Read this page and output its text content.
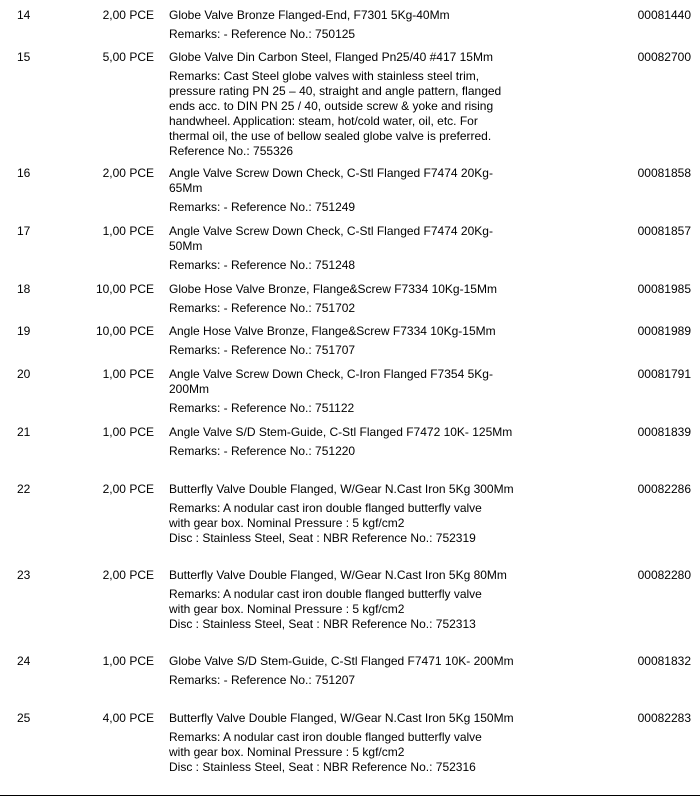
14	2,00 PCE Globe Valve Bronze Flanged-End, F7301 5Kg-40Mm
Remarks: - Reference No.: 750125
00081440
15	5,00 PCE Globe Valve Din Carbon Steel, Flanged Pn25/40 #417 15Mm
Remarks: Cast Steel globe valves with stainless steel trim,
pressure rating PN 25 – 40, straight and angle pattern, flanged
ends acc. to DIN PN 25 / 40, outside screw & yoke and rising
handwheel. Application: steam, hot/cold water, oil, etc. For
thermal oil, the use of bellow sealed globe valve is preferred.
Reference No.: 755326
00082700
16	2,00 PCE Angle Valve Screw Down Check, C-Stl Flanged F7474 20Kg- 65Mm
Remarks: - Reference No.: 751249
00081858
17	1,00 PCE Angle Valve Screw Down Check, C-Stl Flanged F7474 20Kg- 50Mm
Remarks: - Reference No.: 751248
00081857
18	10,00 PCE Globe Hose Valve Bronze, Flange&Screw F7334 10Kg-15Mm
Remarks: - Reference No.: 751702
00081985
19	10,00 PCE Angle Hose Valve Bronze, Flange&Screw F7334 10Kg-15Mm
Remarks: - Reference No.: 751707
00081989
20	1,00 PCE Angle Valve Screw Down Check, C-Iron Flanged F7354 5Kg- 200Mm
Remarks: - Reference No.: 751122
00081791
21	1,00 PCE Angle Valve S/D Stem-Guide, C-Stl Flanged F7472 10K- 125Mm
Remarks: - Reference No.: 751220
00081839
22	2,00 PCE Butterfly Valve Double Flanged, W/Gear N.Cast Iron 5Kg 300Mm
Remarks: A nodular cast iron double flanged butterfly valve
with gear box. Nominal Pressure : 5 kgf/cm2
Disc : Stainless Steel, Seat : NBR Reference No.: 752319
00082286
23	2,00 PCE Butterfly Valve Double Flanged, W/Gear N.Cast Iron 5Kg 80Mm
Remarks: A nodular cast iron double flanged butterfly valve
with gear box. Nominal Pressure : 5 kgf/cm2
Disc : Stainless Steel, Seat : NBR Reference No.: 752313
00082280
24	1,00 PCE Globe Valve S/D Stem-Guide, C-Stl Flanged F7471 10K- 200Mm
Remarks: - Reference No.: 751207
00081832
25	4,00 PCE Butterfly Valve Double Flanged, W/Gear N.Cast Iron 5Kg 150Mm
Remarks: A nodular cast iron double flanged butterfly valve
with gear box. Nominal Pressure : 5 kgf/cm2
Disc : Stainless Steel, Seat : NBR Reference No.: 752316
00082283
